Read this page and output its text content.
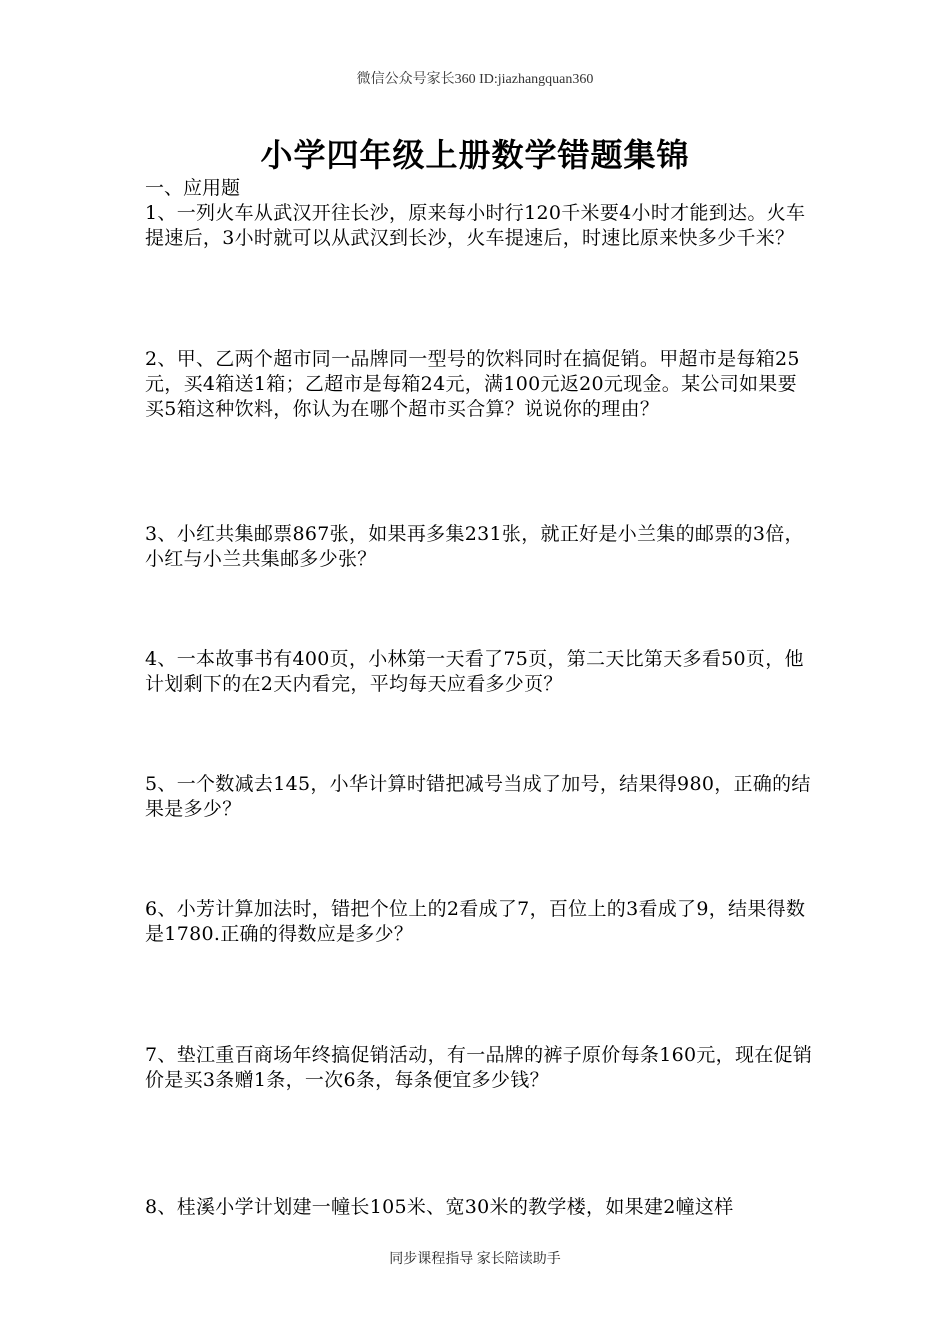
微信公众号家长360 ID:jiazhangquan360
小学四年级上册数学错题集锦
一、应用题
1、一列火车从武汉开往长沙，原来每小时行120千米要4小时才能到达。火车提速后，3小时就可以从武汉到长沙，火车提速后，时速比原来快多少千米？
2、甲、乙两个超市同一品牌同一型号的饮料同时在搞促销。甲超市是每箱25元，买4箱送1箱；乙超市是每箱24元，满100元返20元现金。某公司如果要买5箱这种饮料，你认为在哪个超市买合算？说说你的理由？
3、小红共集邮票867张，如果再多集231张，就正好是小兰集的邮票的3倍，小红与小兰共集邮多少张？
4、一本故事书有400页，小林第一天看了75页，第二天比第天多看50页，他计划剩下的在2天内看完，平均每天应看多少页？
5、一个数减去145，小华计算时错把减号当成了加号，结果得980，正确的结果是多少？
6、小芳计算加法时，错把个位上的2看成了7，百位上的3看成了9，结果得数是1780.正确的得数应是多少？
7、垫江重百商场年终搞促销活动，有一品牌的裤子原价每条160元，现在促销价是买3条赠1条，一次6条，每条便宜多少钱？
8、桂溪小学计划建一幢长105米、宽30米的教学楼，如果建2幢这样
同步课程指导 家长陪读助手
